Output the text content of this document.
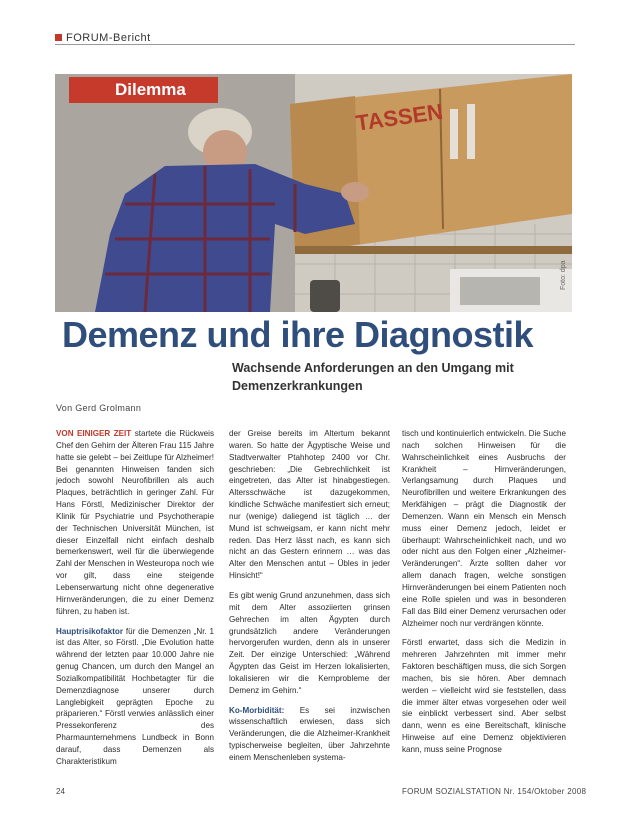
FORUM-Bericht
TASSEN
Foto: dpa
Dilemma
Demenz und ihre Diagnostik
Wachsende Anforderungen an den Umgang mit Demenzerkrankungen
Von Gerd Grolmann

VON EINIGER ZEIT startete die Rückweis Chef den Gehirn der Älteren Frau 115 Jahre hatte sie gelebt – bei Zeitlupe für Alzheimer! Bei genannten Hinweisen fanden sich jedoch sowohl Neurofibrillen als auch Plaques, beträchtlich in geringer Zahl. Für Hans Förstl, Medizinischer Direktor der Klinik für Psychiatrie und Psychotherapie der Technischen Universität München, ist dieser Einzelfall nicht einfach deshalb bemerkenswert, weil für die überwiegende Zahl der Menschen in Westeuropa noch wie vor gilt, dass eine steigende Lebenserwartung nicht ohne degenerative Hirnveränderungen, die zu einer Demenz führen, zu haben ist.

Hauptrisikofaktor für die Demenzen „Nr. 1 ist das Alter, so Förstl. „Die Evolution hatte während der letzten paar 10.000 Jahre nie genug Chancen, um durch den Mangel an Sozialkompatibilität Hochbetagter für die Demenzdiagnose unserer durch Langlebigkeit geprägten Epoche zu präparieren.“ Förstl verwies anlässlich einer Pressekonferenz des Pharmaunternehmens Lundbeck in Bonn darauf, dass Demenzen als Charakteristikum

der Greise bereits im Altertum bekannt waren. So hatte der Ägyptische Weise und Stadtverwalter Ptahhotep 2400 vor Chr. geschrieben: „Die Gebrechlichkeit ist eingetreten, das Alter ist hinabgestiegen. Altersschwäche ist dazugekommen, kindliche Schwäche manifestiert sich erneut; nur (wenige) daliegend ist täglich … der Mund ist schweigsam, er kann nicht mehr reden. Das Herz lässt nach, es kann sich nicht an das Gestern erinnern … was das Alter den Menschen antut – Übles in jeder Hinsicht!“

Es gibt wenig Grund anzunehmen, dass sich mit dem Alter assoziierten grinsen Gehrechen im alten Ägypten durch grundsätzlich andere Veränderungen hervorgerufen wurden, denn als in unserer Zeit. Der einzige Unterschied: „Während Ägypten das Geist im Herzen lokalisierten, lokalisieren wir die Kernprobleme der Demenz im Gehirn.“

Ko-Morbidität: Es sei inzwischen wissenschaftlich erwiesen, dass sich Veränderungen, die die Alzheimer-Krankheit typischerweise begleiten, über Jahrzehnte einem Menschenleben systema-

tisch und kontinuierlich entwickeln. Die Suche nach solchen Hinweisen für die Wahrscheinlichkeit eines Ausbruchs der Krankheit – Hirnveränderungen, Verlangsamung durch Plaques und Neurofibrillen und weitere Erkrankungen des Merkfähigen – prägt die Diagnostik der Demenzen. Wann ein Mensch ein Mensch muss einer Demenz jedoch, leidet er überhaupt: Wahrscheinlichkeit nach, und wo oder nicht aus den Folgen einer „Alzheimer-Veränderungen“. Ärzte sollten daher vor allem danach fragen, welche sonstigen Hirnveränderungen bei einem Patienten noch eine Rolle spielen und was in besonderen Fall das Bild einer Demenz verursachen oder Alzheimer noch nur verdrängen könnte.

Förstl erwartet, dass sich die Medizin in mehreren Jahrzehnten mit immer mehr Faktoren beschäftigen muss, die sich Sorgen machen, bis sie hören. Aber demnach werden – vielleicht wird sie feststellen, dass die immer älter etwas vorgesehen oder weil sie einblickt verbessert sind. Aber selbst dann, wenn es eine Bereitschaft, klinische Hinweise auf eine Demenz objektivieren kann, muss seine Prognose

24	FORUM SOZIALSTATION Nr. 154/Oktober 2008
